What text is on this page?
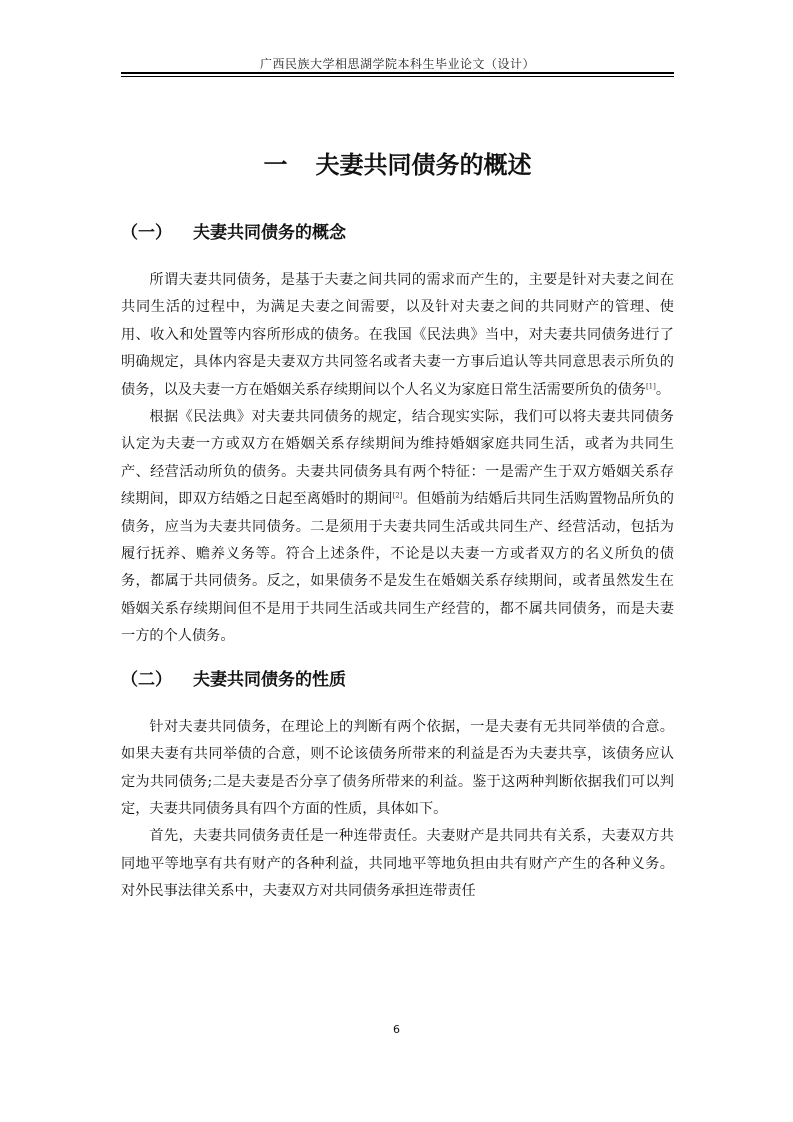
广西民族大学相思湖学院本科生毕业论文（设计）
一 夫妻共同债务的概述
（一） 夫妻共同债务的概念

所谓夫妻共同债务，是基于夫妻之间共同的需求而产生的，主要是针对夫妻之间在共同生活的过程中，为满足夫妻之间需要，以及针对夫妻之间的共同财产的管理、使用、收入和处置等内容所形成的债务。在我国《民法典》当中，对夫妻共同债务进行了明确规定，具体内容是夫妻双方共同签名或者夫妻一方事后追认等共同意思表示所负的债务，以及夫妻一方在婚姻关系存续期间以个人名义为家庭日常生活需要所负的债务[1]。

根据《民法典》对夫妻共同债务的规定，结合现实实际，我们可以将夫妻共同债务认定为夫妻一方或双方在婚姻关系存续期间为维持婚姻家庭共同生活，或者为共同生产、经营活动所负的债务。夫妻共同债务具有两个特征：一是需产生于双方婚姻关系存续期间，即双方结婚之日起至离婚时的期间[2]。但婚前为结婚后共同生活购置物品所负的债务，应当为夫妻共同债务。二是须用于夫妻共同生活或共同生产、经营活动，包括为履行抚养、赡养义务等。符合上述条件，不论是以夫妻一方或者双方的名义所负的债务，都属于共同债务。反之，如果债务不是发生在婚姻关系存续期间，或者虽然发生在婚姻关系存续期间但不是用于共同生活或共同生产经营的，都不属共同债务，而是夫妻一方的个人债务。

（二） 夫妻共同债务的性质

针对夫妻共同债务，在理论上的判断有两个依据，一是夫妻有无共同举债的合意。如果夫妻有共同举债的合意，则不论该债务所带来的利益是否为夫妻共享，该债务应认定为共同债务;二是夫妻是否分享了债务所带来的利益。鉴于这两种判断依据我们可以判定，夫妻共同债务具有四个方面的性质，具体如下。

首先，夫妻共同债务责任是一种连带责任。夫妻财产是共同共有关系，夫妻双方共同地平等地享有共有财产的各种利益，共同地平等地负担由共有财产产生的各种义务。对外民事法律关系中，夫妻双方对共同债务承担连带责任

6
